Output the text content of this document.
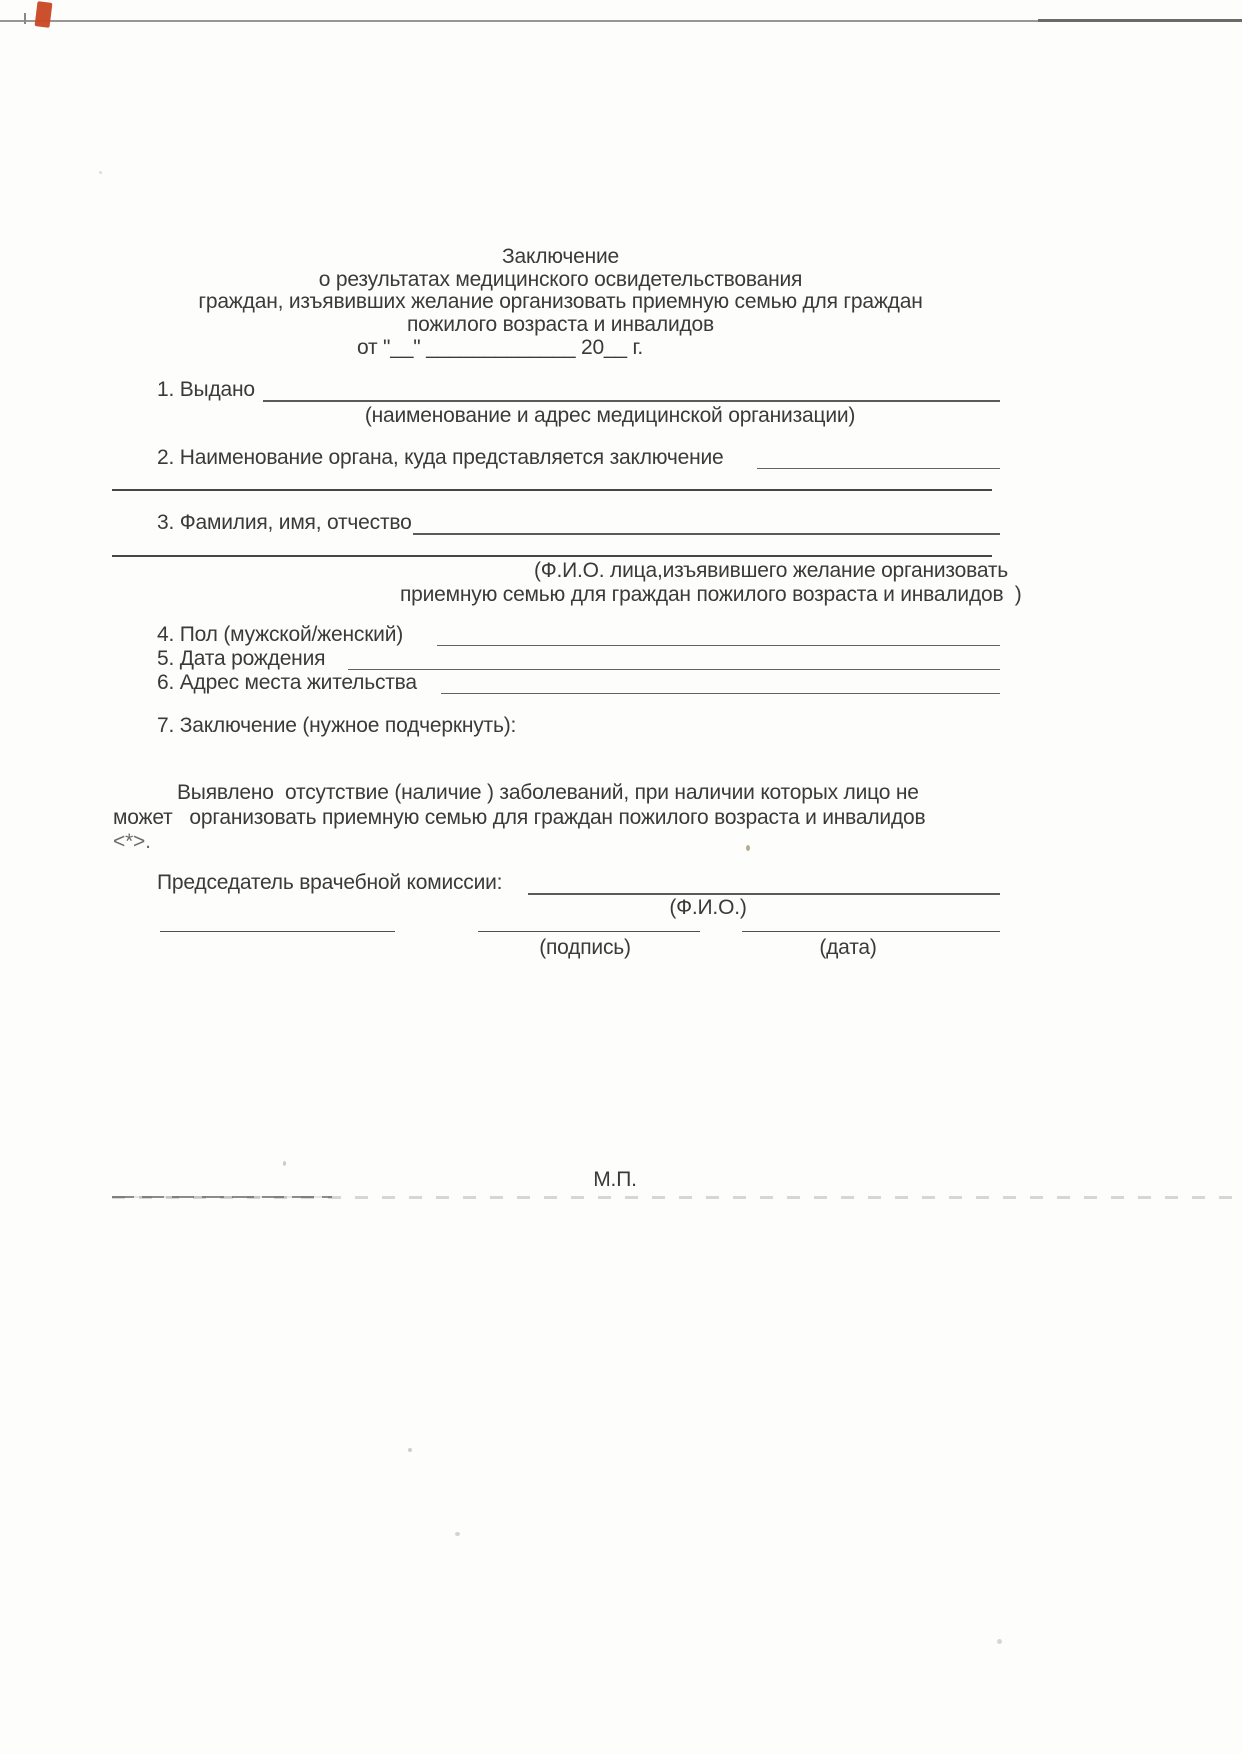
Заключение
о результатах медицинского освидетельствования
граждан, изъявивших желание организовать приемную семью для граждан
пожилого возраста и инвалидов
от "__" _____________ 20__ г.
1. Выдано
(наименование и адрес медицинской организации)
2. Наименование органа, куда представляется заключение
3. Фамилия, имя, отчество
(Ф.И.О. лица,изъявившего желание организовать
приемную семью для граждан пожилого возраста и инвалидов  )
4. Пол (мужской/женский)
5. Дата рождения
6. Адрес места жительства
7. Заключение (нужное подчеркнуть):
Выявлено  отсутствие (наличие ) заболеваний, при наличии которых лицо не
может   организовать приемную семью для граждан пожилого возраста и инвалидов
<*>.
Председатель врачебной комиссии:
(Ф.И.О.)
(подпись)	(дата)
М.П.
